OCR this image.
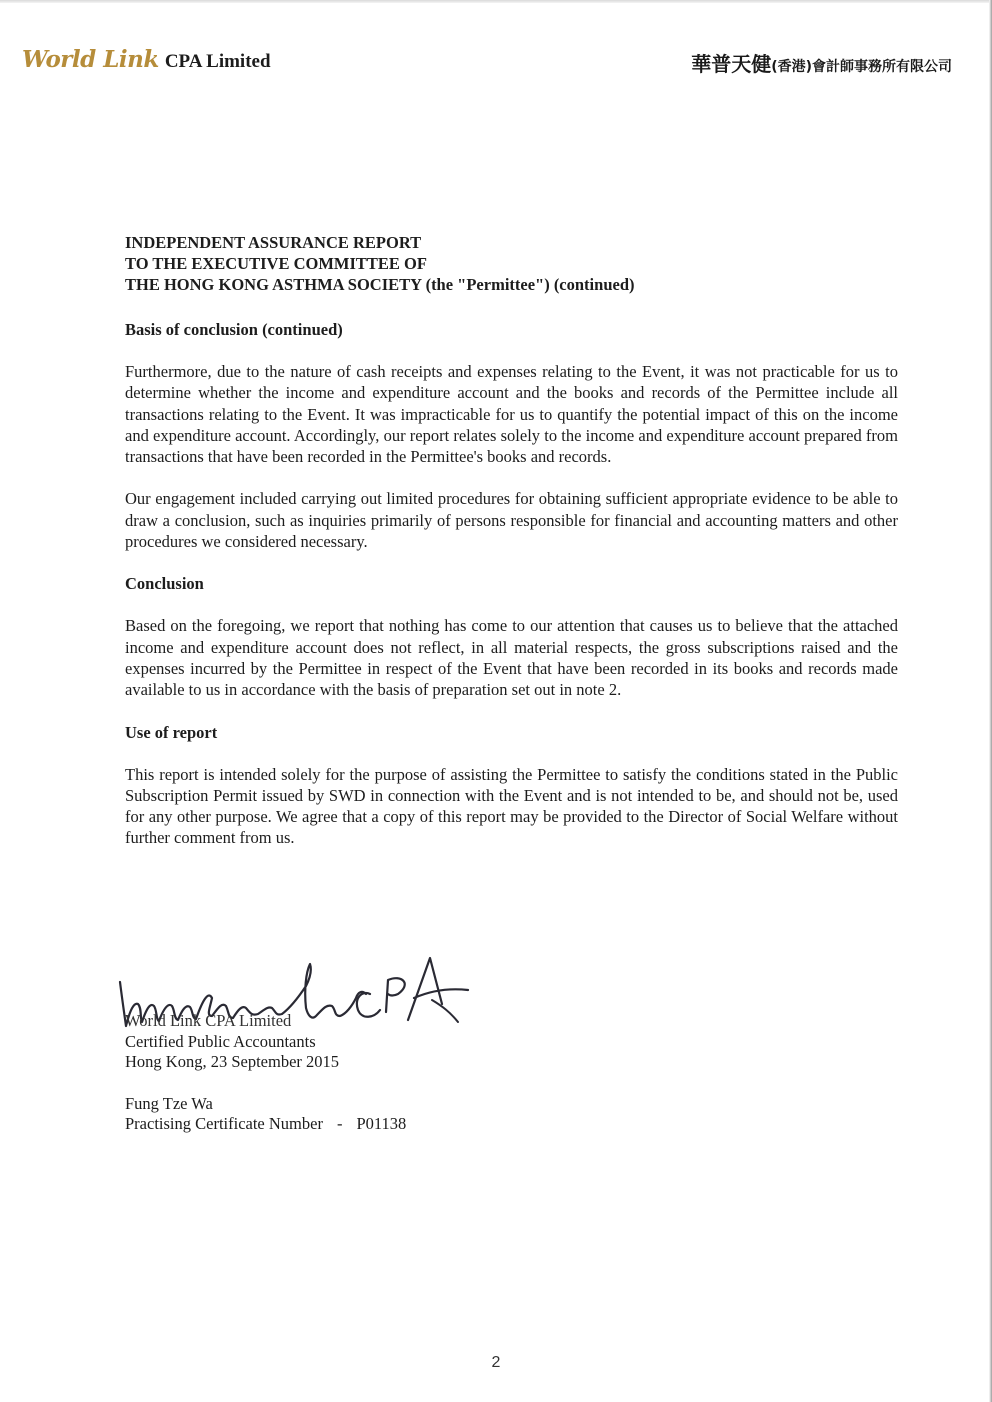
World Link CPA Limited	華普天健(香港)會計師事務所有限公司
INDEPENDENT ASSURANCE REPORT
TO THE EXECUTIVE COMMITTEE OF
THE HONG KONG ASTHMA SOCIETY (the "Permittee") (continued)
Basis of conclusion (continued)

Furthermore, due to the nature of cash receipts and expenses relating to the Event, it was not practicable for us to determine whether the income and expenditure account and the books and records of the Permittee include all transactions relating to the Event. It was impracticable for us to quantify the potential impact of this on the income and expenditure account. Accordingly, our report relates solely to the income and expenditure account prepared from transactions that have been recorded in the Permittee's books and records.

Our engagement included carrying out limited procedures for obtaining sufficient appropriate evidence to be able to draw a conclusion, such as inquiries primarily of persons responsible for financial and accounting matters and other procedures we considered necessary.

Conclusion

Based on the foregoing, we report that nothing has come to our attention that causes us to believe that the attached income and expenditure account does not reflect, in all material respects, the gross subscriptions raised and the expenses incurred by the Permittee in respect of the Event that have been recorded in its books and records made available to us in accordance with the basis of preparation set out in note 2.

Use of report

This report is intended solely for the purpose of assisting the Permittee to satisfy the conditions stated in the Public Subscription Permit issued by SWD in connection with the Event and is not intended to be, and should not be, used for any other purpose. We agree that a copy of this report may be provided to the Director of Social Welfare without further comment from us.

World Link CPA Limited
Certified Public Accountants
Hong Kong, 23 September 2015
Fung Tze Wa
Practising Certificate Number - P01138
2
